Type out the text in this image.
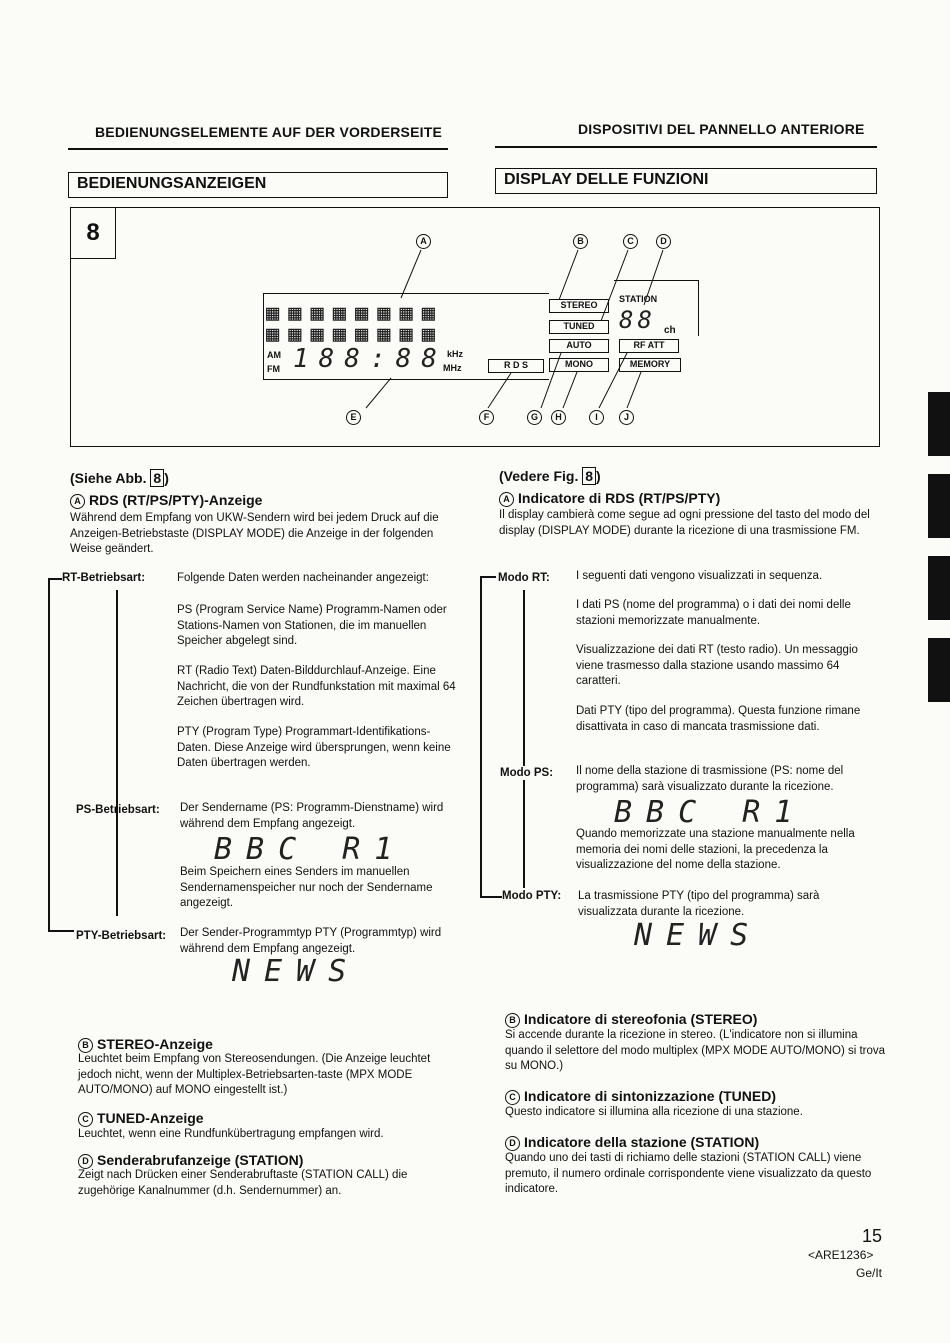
BEDIENUNGSELEMENTE AUF DER VORDERSEITE	DISPOSITIVI DEL PANNELLO ANTERIORE
BEDIENUNGSANZEIGEN	DISPLAY DELLE FUNZIONI
8	A	B	C	D
▦▦▦▦▦▦▦▦
▦▦▦▦▦▦▦▦
AM
FM 188:88 kHz
MHz	R D S
STEREO
TUNED
AUTO
MONO
STATION
88 ch
RF ATT
MEMORY
E	F	G	H	I	J
(Siehe Abb. 8 )
A RDS (RT/PS/PTY)-Anzeige
Während dem Empfang von UKW-Sendern wird bei jedem Druck auf die Anzeigen-Betriebstaste (DISPLAY MODE) die Anzeige in der folgenden Weise geändert.
RT-Betriebsart:	Folgende Daten werden nacheinander angezeigt:
PS (Program Service Name) Programm-Namen oder Stations-Namen von Stationen, die im manuellen Speicher abgelegt sind.
RT (Radio Text) Daten-Bilddurchlauf-Anzeige. Eine Nachricht, die von der Rundfunkstation mit maximal 64 Zeichen übertragen wird.
PTY (Program Type) Programmart-Identifikations-Daten. Diese Anzeige wird übersprungen, wenn keine Daten übertragen werden.
PS-Betriebsart: Der Sendername (PS: Programm-Dienstname) wird während dem Empfang angezeigt.
BBC R1
Beim Speichern eines Senders im manuellen Sendernamenspeicher nur noch der Sendername angezeigt.
PTY-Betriebsart: Der Sender-Programmtyp PTY (Programmtyp) wird während dem Empfang angezeigt.
NEWS
B STEREO-Anzeige
Leuchtet beim Empfang von Stereosendungen. (Die Anzeige leuchtet jedoch nicht, wenn der Multiplex-Betriebsarten-taste (MPX MODE AUTO/MONO) auf MONO eingestellt ist.)
C TUNED-Anzeige
Leuchtet, wenn eine Rundfunkübertragung empfangen wird.
D Senderabrufanzeige (STATION)
Zeigt nach Drücken einer Senderabruftaste (STATION CALL) die zugehörige Kanalnummer (d.h. Sendernummer) an.
(Vedere Fig. 8 )
A Indicatore di RDS (RT/PS/PTY)
Il display cambierà come segue ad ogni pressione del tasto del modo del display (DISPLAY MODE) durante la ricezione di una trasmissione FM.
Modo RT: I seguenti dati vengono visualizzati in sequenza.
I dati PS (nome del programma) o i dati dei nomi delle stazioni memorizzate manualmente.
Visualizzazione dei dati RT (testo radio). Un messaggio viene trasmesso dalla stazione usando massimo 64 caratteri.
Dati PTY (tipo del programma). Questa funzione rimane disattivata in caso di mancata trasmissione dati.
Modo PS: Il nome della stazione di trasmissione (PS: nome del programma) sarà visualizzato durante la ricezione.
BBC R1
Quando memorizzate una stazione manualmente nella memoria dei nomi delle stazioni, la precedenza la visualizzazione del nome della stazione.
Modo PTY: La trasmissione PTY (tipo del programma) sarà visualizzata durante la ricezione.
NEWS
B Indicatore di stereofonia (STEREO)
Si accende durante la ricezione in stereo. (L'indicatore non si illumina quando il selettore del modo multiplex (MPX MODE AUTO/MONO) si trova su MONO.)
C Indicatore di sintonizzazione (TUNED)
Questo indicatore si illumina alla ricezione di una stazione.
D Indicatore della stazione (STATION)
Quando uno dei tasti di richiamo delle stazioni (STATION CALL) viene premuto, il numero ordinale corrispondente viene visualizzato da questo indicatore.
15
<ARE1236>
Ge/It
